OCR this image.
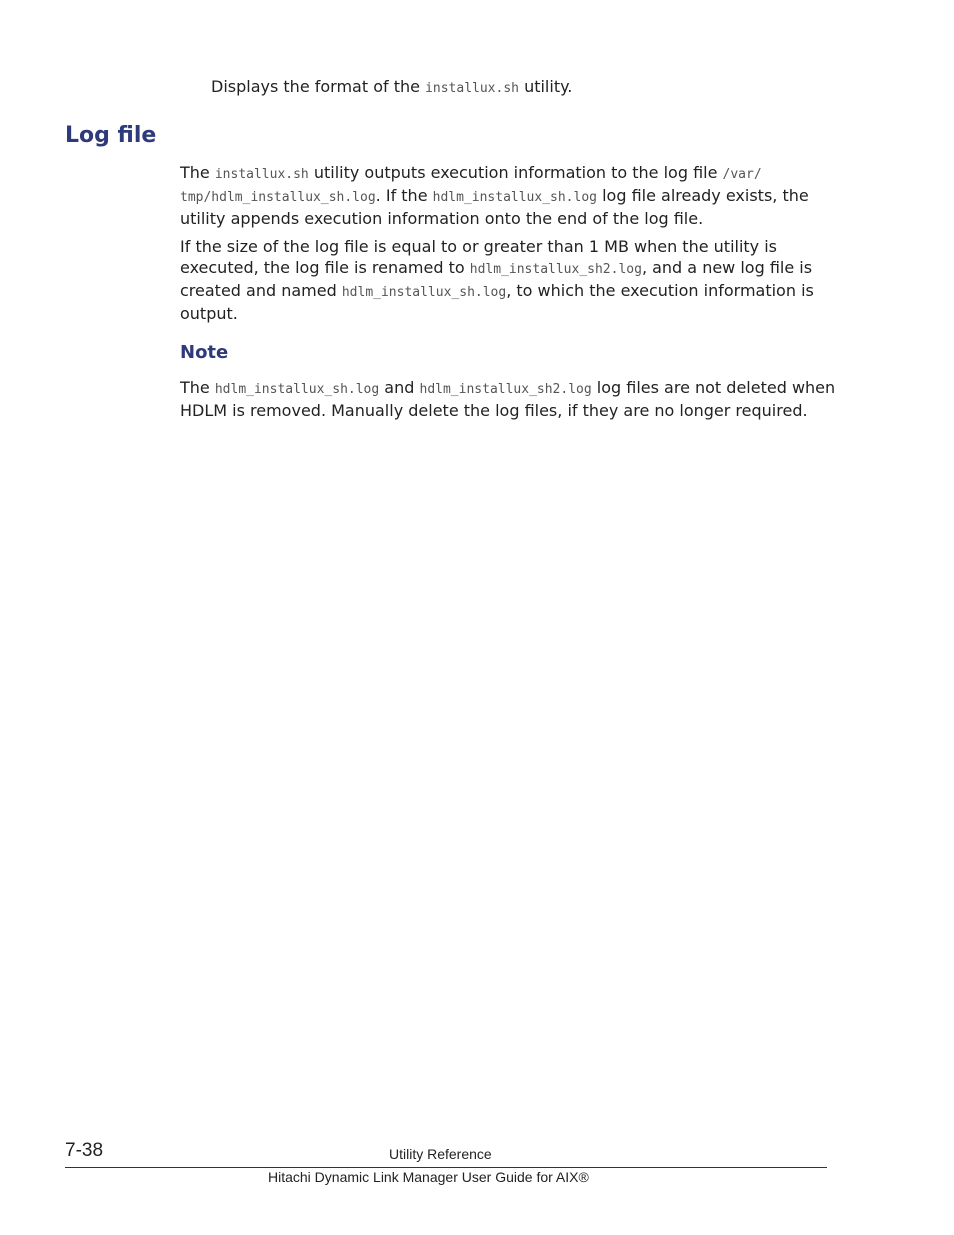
Displays the format of the installux.sh utility.

Log file

The installux.sh utility outputs execution information to the log file /var/
tmp/hdlm_installux_sh.log. If the hdlm_installux_sh.log log file already exists, the utility appends execution information onto the end of the log file.

If the size of the log file is equal to or greater than 1 MB when the utility is executed, the log file is renamed to hdlm_installux_sh2.log, and a new log file is created and named hdlm_installux_sh.log, to which the execution information is output.

Note

The hdlm_installux_sh.log and hdlm_installux_sh2.log log files are not deleted when HDLM is removed. Manually delete the log files, if they are no longer required.

7-38	Utility Reference
Hitachi Dynamic Link Manager User Guide for AIX®
